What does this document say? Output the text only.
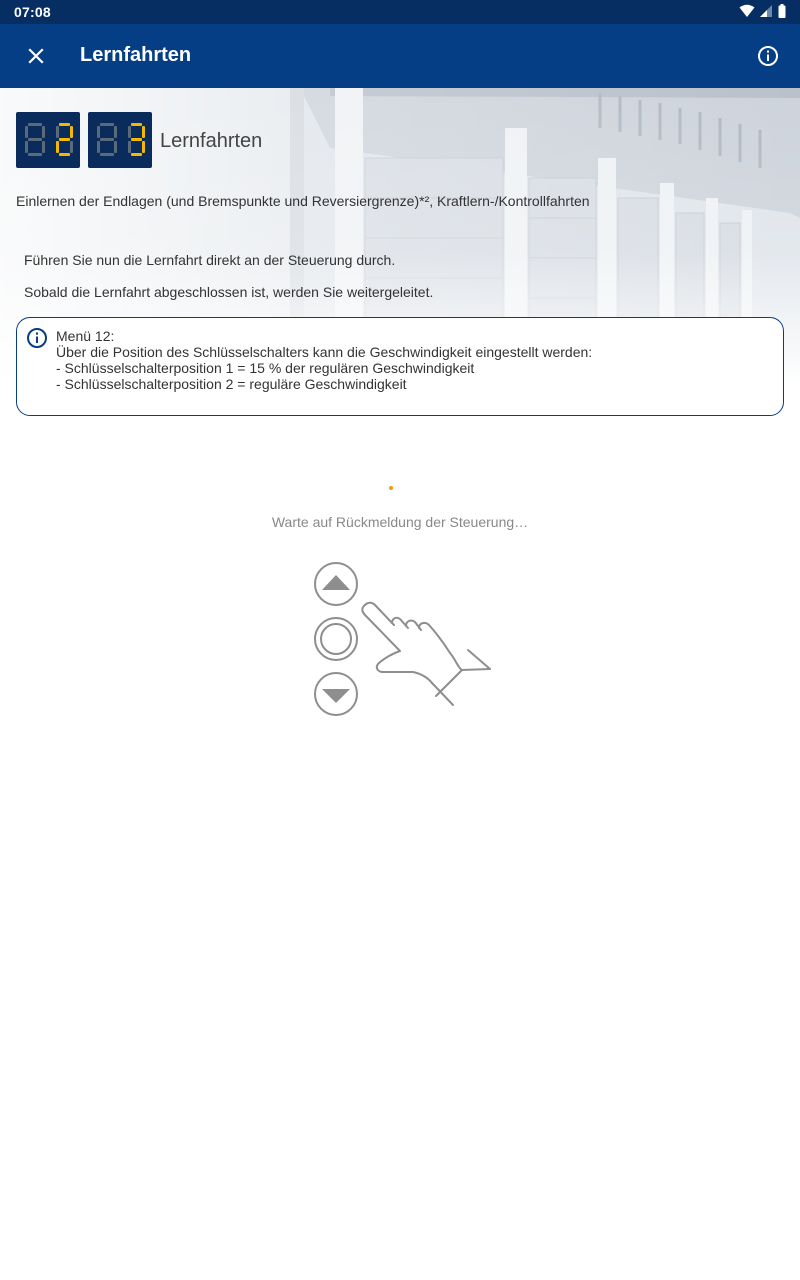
07:08
Lernfahrten
Lernfahrten
Einlernen der Endlagen (und Bremspunkte und Reversiergrenze)*², Kraftlern-/Kontrollfahrten
Führen Sie nun die Lernfahrt direkt an der Steuerung durch.
Sobald die Lernfahrt abgeschlossen ist, werden Sie weitergeleitet.
Menü 12:
Über die Position des Schlüsselschalters kann die Geschwindigkeit eingestellt werden:
- Schlüsselschalterposition 1 = 15 % der regulären Geschwindigkeit
- Schlüsselschalterposition 2 = reguläre Geschwindigkeit
Warte auf Rückmeldung der Steuerung…
